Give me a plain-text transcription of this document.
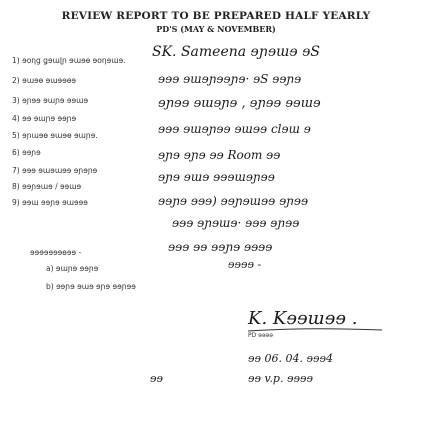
REVIEW REPORT TO BE PREPARED HALF YEARLY
PD'S (MAY & NOVEMBER)
1) ɘoηg ǥɘɯɭɲ ɘɯɘɵ ɘoηɘɯɘ.
2) ɘɯɘɵ ɘɯɘɘɵɘ
3) ɘɲɘɘ ɘɯɲɘ ɘɘɯɘ
4) ɘɘ ɘɯɲɘ ɘɘɲɘ
5) ɘɲɯɘɵ ɘɯɘɵ ɘɯɲɘ.
6) ɘɘɲɘ
7) ɘɘɘ ɘɯɘɯɘɘ ɘɲɘɲɘ
8) ɘɘɲɘɯɘ / ɘɘɯɘ
9) ɘɘɯ ɘɘɲɘ ɘɯɘɘɘ
ɘɘɘɘɘɘɘɵɘɘ -
a) ɘɯɲɘ ɘɘɲɘ
b) ɘɘɲɘ ɘɯɘ ɘɲɘ ɘɘɲɘɘ
SK. Sameena ɘɲɘɯɘ ɘS
ɘɘɘ ɘɯɘɲɘɘɲɘ· ɘS ɘɘɲɘ
ɘɲɘɘ ɘɯɘɲɘ , ɘɲɘɘ ɘɘɯɘ
ɘɘɘ ɘɯɘɲɘɘ ɘɯɘɘ clɘɯ ɘ
ɘɲɘ ɘɲɘ ɘɘ Room ɘɘ
ɘɲɘ ɘɯɘ ɘɘɘɯɘɲɘɘ
ɘɘɲɘ ɘɘɘ) ɘɘɲɘɯɘɘ ɘɲɘɘ
ɘɘɘ ɘɲɘɯɘ· ɘɘɘ ɘɲɘɘ
ɘɘɘ ɘɘ ɘɘɲɘ ɘɘɘɘ
ɘɘɘɘ -
K. Kɘɘɯɘɘ .
PD ɘɘɘɘ
ɘɘ 06. 04. ɘɘɘ4
ɘɘ	ɘɘ v.p. ɘɘɘɘ
